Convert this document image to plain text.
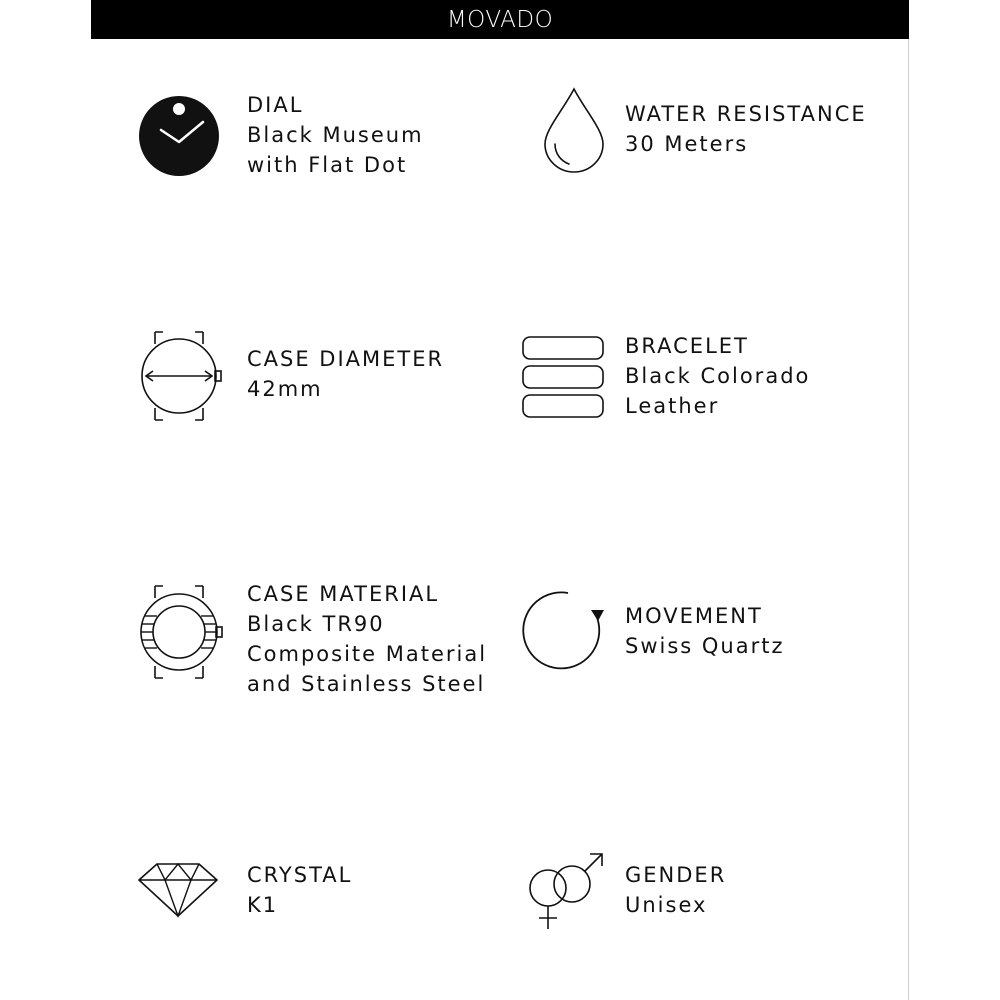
MOVADO
DIAL
Black Museum
with Flat Dot
WATER RESISTANCE
30 Meters
CASE DIAMETER
42mm
BRACELET
Black Colorado
Leather
CASE MATERIAL
Black TR90
Composite Material
and Stainless Steel
MOVEMENT
Swiss Quartz
CRYSTAL
K1
GENDER
Unisex
